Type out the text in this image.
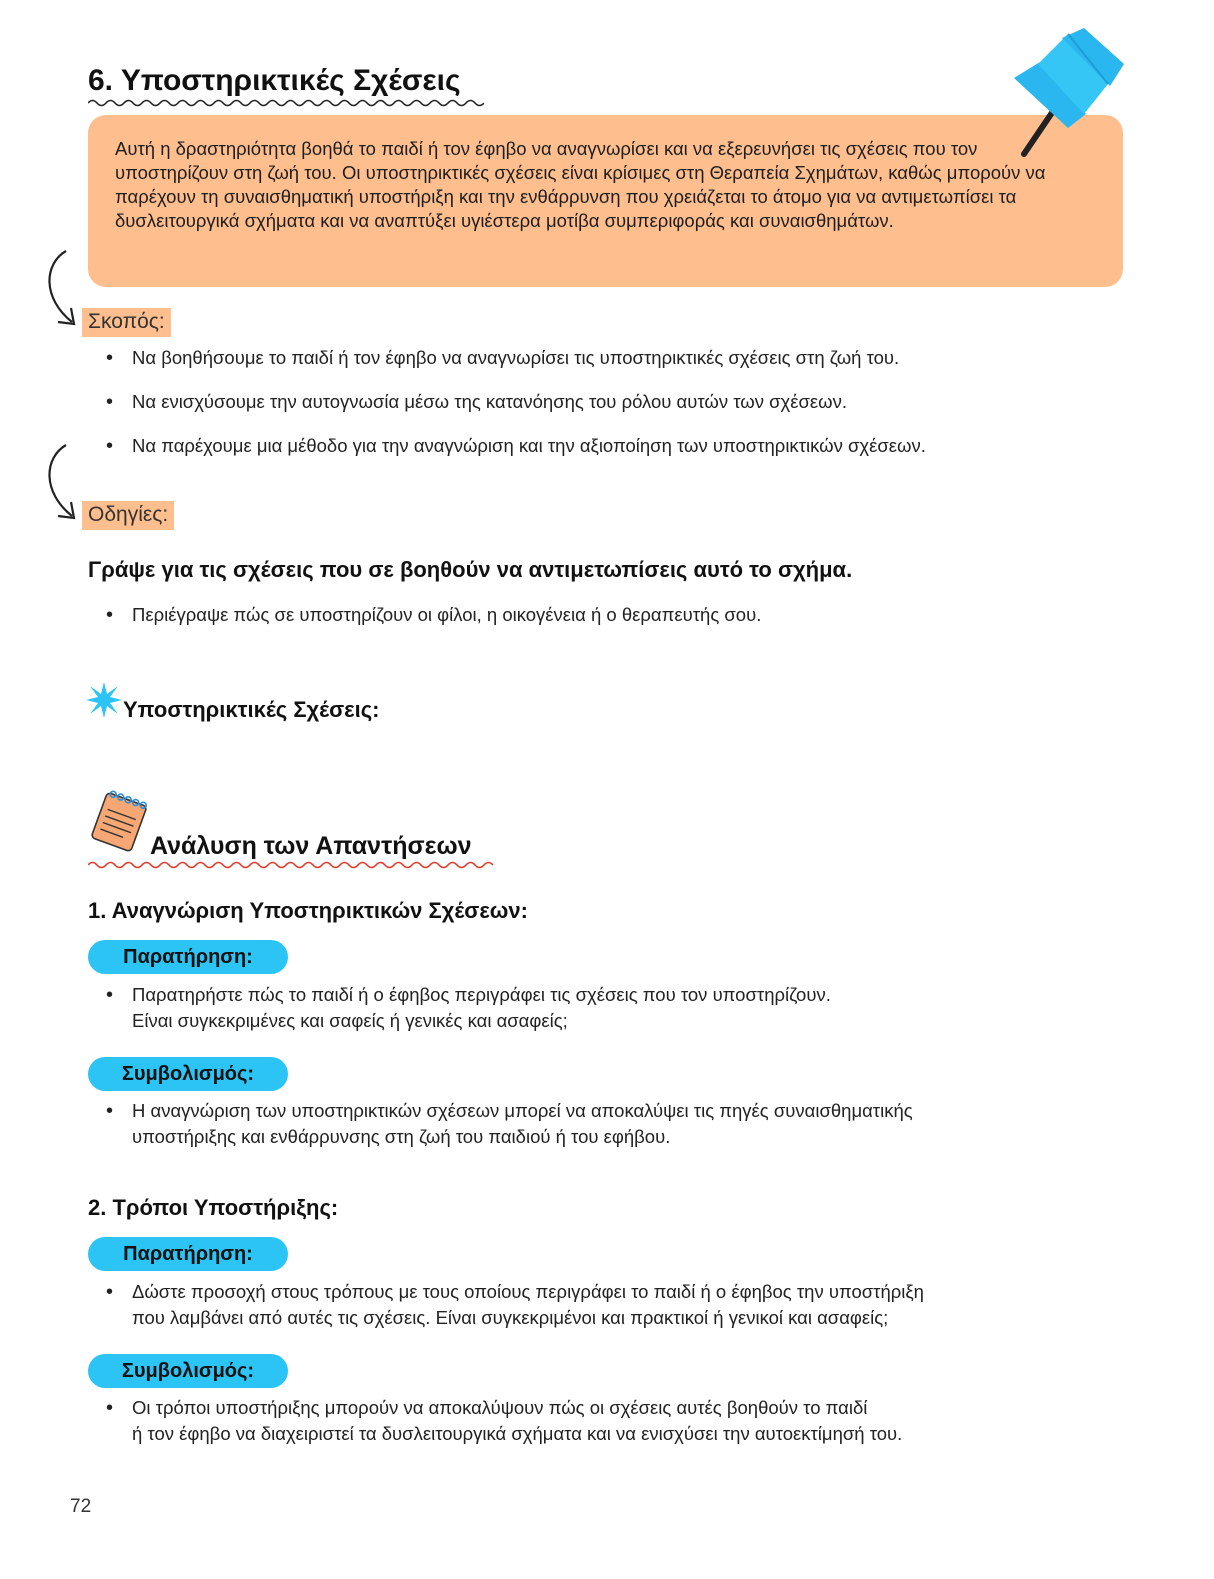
6. Υποστηρικτικές Σχέσεις
Αυτή η δραστηριότητα βοηθά το παιδί ή τον έφηβο να αναγνωρίσει και να εξερευνήσει τις σχέσεις που τον υποστηρίζουν στη ζωή του. Οι υποστηρικτικές σχέσεις είναι κρίσιμες στη Θεραπεία Σχημάτων, καθώς μπορούν να παρέχουν τη συναισθηματική υποστήριξη και την ενθάρρυνση που χρειάζεται το άτομο για να αντιμετωπίσει τα δυσλειτουργικά σχήματα και να αναπτύξει υγιέστερα μοτίβα συμπεριφοράς και συναισθημάτων.
Σκοπός:
• Να βοηθήσουμε το παιδί ή τον έφηβο να αναγνωρίσει τις υποστηρικτικές σχέσεις στη ζωή του.
• Να ενισχύσουμε την αυτογνωσία μέσω της κατανόησης του ρόλου αυτών των σχέσεων.
• Να παρέχουμε μια μέθοδο για την αναγνώριση και την αξιοποίηση των υποστηρικτικών σχέσεων.
Οδηγίες:

Γράψε για τις σχέσεις που σε βοηθούν να αντιμετωπίσεις αυτό το σχήμα.

• Περιέγραψε πώς σε υποστηρίζουν οι φίλοι, η οικογένεια ή ο θεραπευτής σου.

Υποστηρικτικές Σχέσεις:

Ανάλυση των Απαντήσεων

1. Αναγνώριση Υποστηρικτικών Σχέσεων:

Παρατήρηση:
• Παρατηρήστε πώς το παιδί ή ο έφηβος περιγράφει τις σχέσεις που τον υποστηρίζουν.
Είναι συγκεκριμένες και σαφείς ή γενικές και ασαφείς;
Συμβολισμός:
• Η αναγνώριση των υποστηρικτικών σχέσεων μπορεί να αποκαλύψει τις πηγές συναισθηματικής
υποστήριξης και ενθάρρυνσης στη ζωή του παιδιού ή του εφήβου.

2. Τρόποι Υποστήριξης:

Παρατήρηση:
• Δώστε προσοχή στους τρόπους με τους οποίους περιγράφει το παιδί ή ο έφηβος την υποστήριξη
που λαμβάνει από αυτές τις σχέσεις. Είναι συγκεκριμένοι και πρακτικοί ή γενικοί και ασαφείς;
Συμβολισμός:
• Οι τρόποι υποστήριξης μπορούν να αποκαλύψουν πώς οι σχέσεις αυτές βοηθούν το παιδί
ή τον έφηβο να διαχειριστεί τα δυσλειτουργικά σχήματα και να ενισχύσει την αυτοεκτίμησή του.
72
